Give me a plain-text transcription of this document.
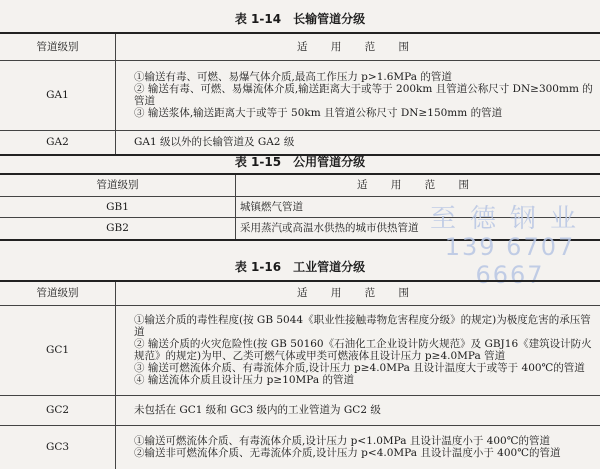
表 1-14 长输管道分级
管道级别	适 用 范 围
GA1	①输送有毒、可燃、易爆气体介质,最高工作压力 p>1.6MPa 的管道
② 输送有毒、可燃、易爆流体介质,输送距离大于或等于 200km 且管道公称尺寸 DN≥300mm 的管道
③ 输送浆体,输送距离大于或等于 50km 且管道公称尺寸 DN≥150mm 的管道

GA2	GA1 级以外的长输管道及 GA2 级
表 1-15 公用管道分级
管道级别	适 用 范 围
GB1	城镇燃气管道
GB2	采用蒸汽或高温水供热的城市供热管道 至德钢业
139 6707 6667
表 1-16 工业管道分级
管道级别	适 用 范 围
GC1	①输送介质的毒性程度(按 GB 5044《职业性接触毒物危害程度分级》的规定)为极度危害的承压管道
② 输送介质的火灾危险性(按 GB 50160《石油化工企业设计防火规范》及 GBJ16《建筑设计防火规范》的规定)为甲、乙类可燃气体或甲类可燃液体且设计压力 p≥4.0MPa 管道
③ 输送可燃流体介质、有毒流体介质,设计压力 p≥4.0MPa 且设计温度大于或等于 400℃的管道
④ 输送流体介质且设计压力 p≥10MPa 的管道

GC2	未包括在 GC1 级和 GC3 级内的工业管道为 GC2 级

GC3	①输送可燃流体介质、有毒流体介质,设计压力 p<1.0MPa 且设计温度小于 400℃的管道
②输送非可燃流体介质、无毒流体介质,设计压力 p<4.0MPa 且设计温度小于 400℃的管道
